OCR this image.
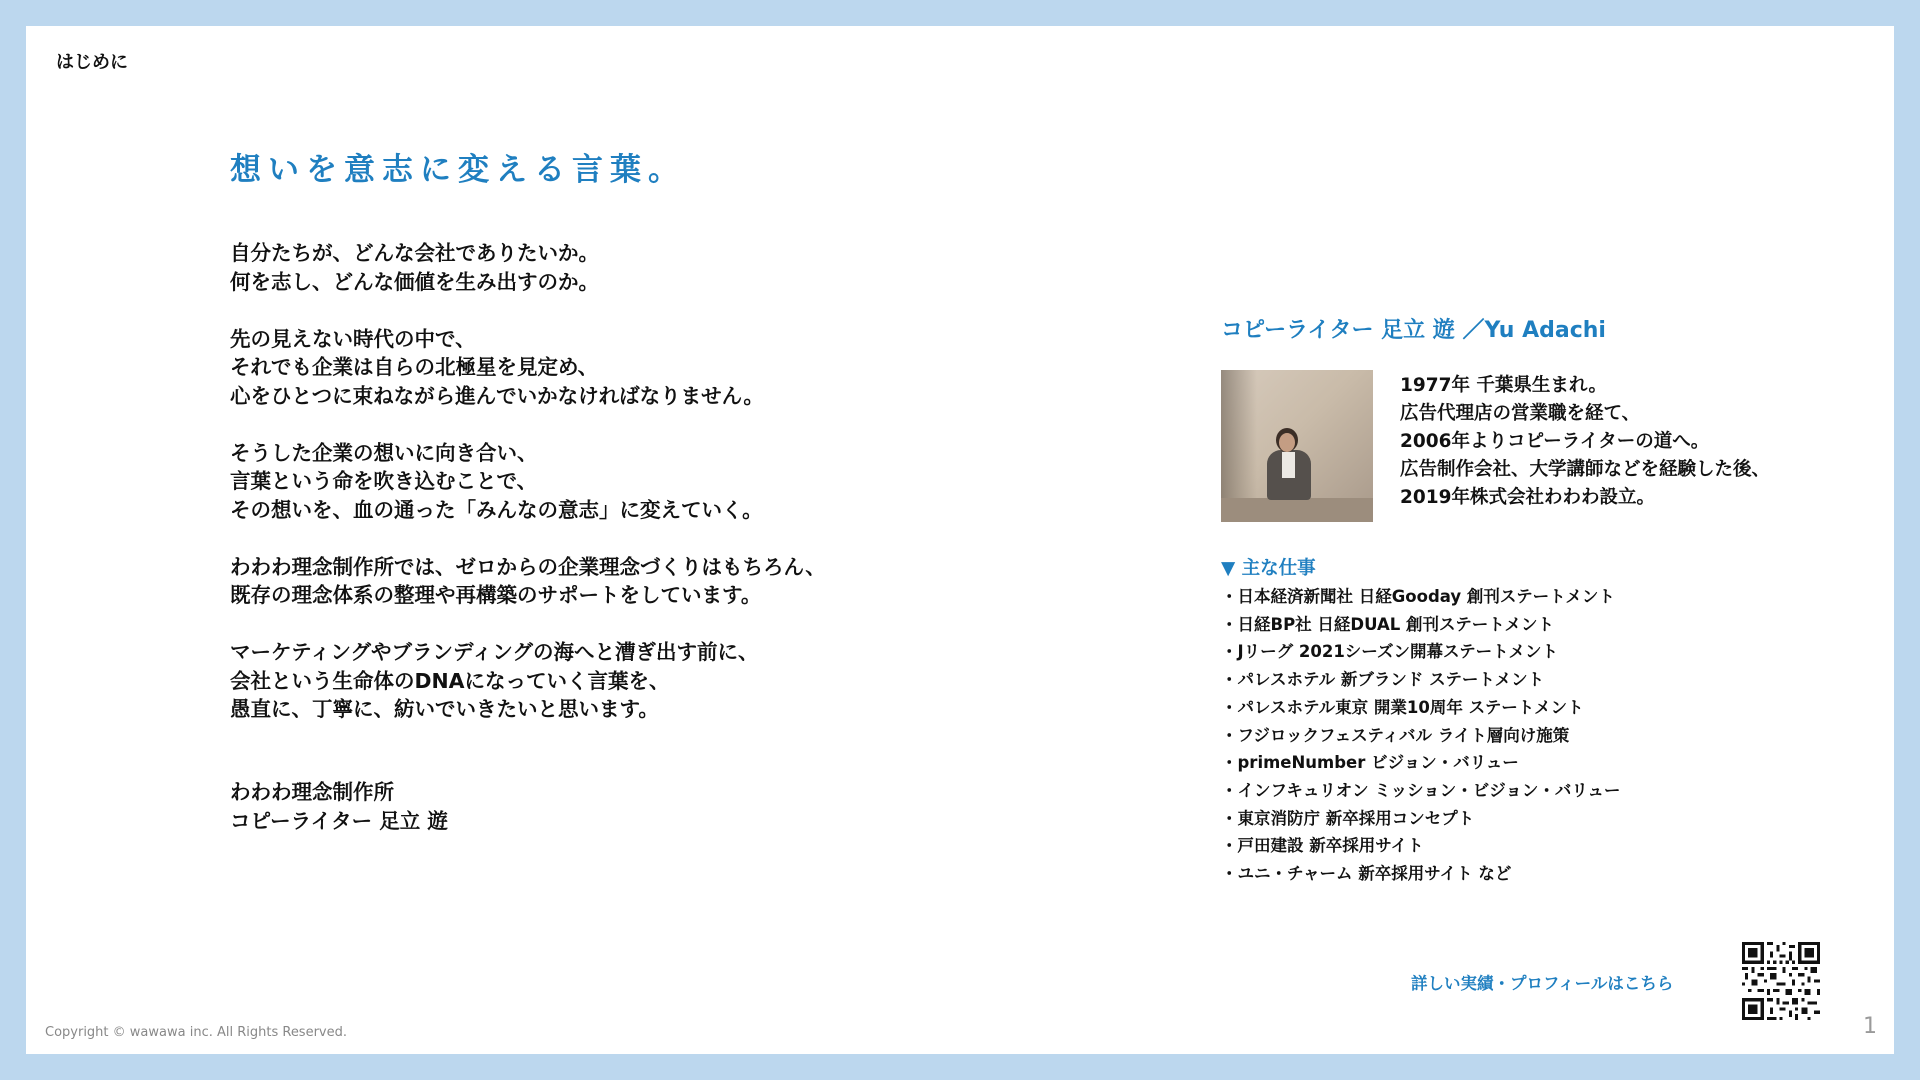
はじめに
想いを意志に変える言葉。
自分たちが、どんな会社でありたいか。
何を志し、どんな価値を生み出すのか。
先の見えない時代の中で、
それでも企業は自らの北極星を見定め、
心をひとつに束ねながら進んでいかなければなりません。
そうした企業の想いに向き合い、
言葉という命を吹き込むことで、
その想いを、血の通った「みんなの意志」に変えていく。
わわわ理念制作所では、ゼロからの企業理念づくりはもちろん、
既存の理念体系の整理や再構築のサポートをしています。
マーケティングやブランディングの海へと漕ぎ出す前に、
会社という生命体のDNAになっていく言葉を、
愚直に、丁寧に、紡いでいきたいと思います。
わわわ理念制作所
コピーライター 足立 遊
コピーライター 足立 遊 ／Yu Adachi
1977年 千葉県生まれ。
広告代理店の営業職を経て、
2006年よりコピーライターの道へ。
広告制作会社、大学講師などを経験した後、
2019年株式会社わわわ設立。
▼ 主な仕事
・日本経済新聞社 日経Gooday 創刊ステートメント
・日経BP社 日経DUAL 創刊ステートメント
・Jリーグ 2021シーズン開幕ステートメント
・パレスホテル 新ブランド ステートメント
・パレスホテル東京 開業10周年 ステートメント
・フジロックフェスティバル ライト層向け施策
・primeNumber ビジョン・バリュー
・インフキュリオン ミッション・ビジョン・バリュー
・東京消防庁 新卒採用コンセプト
・戸田建設 新卒採用サイト
・ユニ・チャーム 新卒採用サイト など
詳しい実績・プロフィールはこちら
Copyright © wawawa inc. All Rights Reserved.	1
